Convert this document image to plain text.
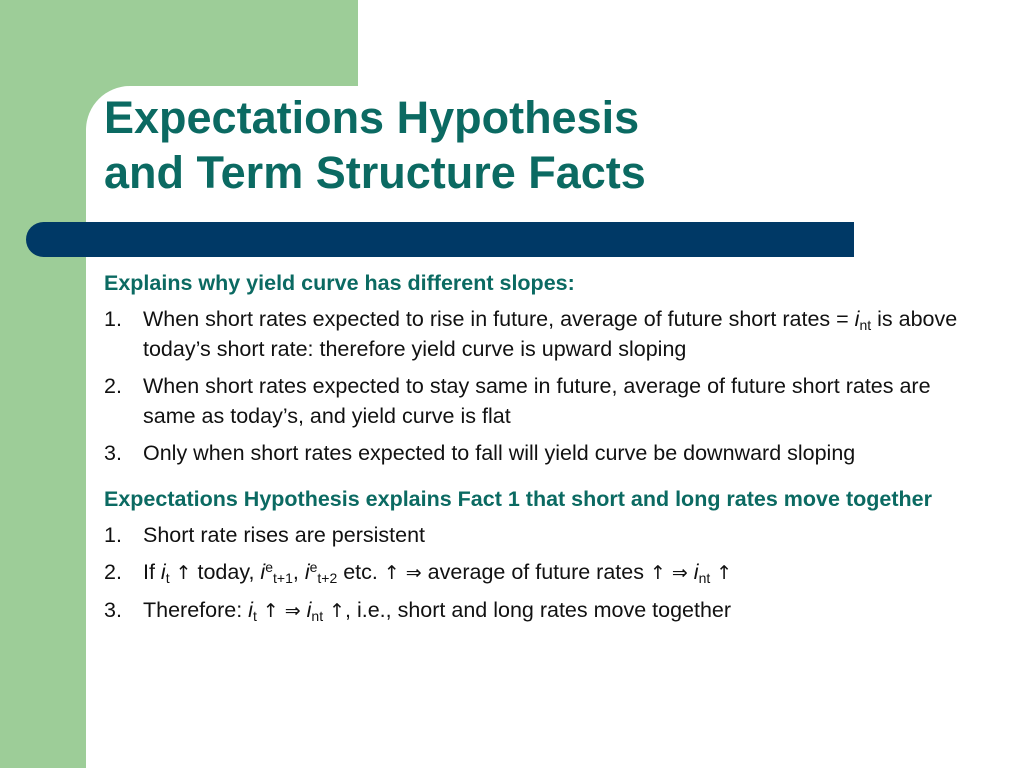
Expectations Hypothesis
and Term Structure Facts
Explains why yield curve has different slopes:
1. When short rates expected to rise in future, average of future short rates = $i_{nt}$ is above today’s short rate: therefore yield curve is upward sloping
2. When short rates expected to stay same in future, average of future short rates are same as today’s, and yield curve is flat
3. Only when short rates expected to fall will yield curve be downward sloping
Expectations Hypothesis explains Fact 1 that short and long rates move together
1. Short rate rises are persistent
2. If $i_t$ ↑ today, $i^e_{t+1}$, $i^e_{t+2}$ etc. ↑ ⇒ average of future rates ↑ ⇒ $i_{nt}$ ↑
3. Therefore: $i_t$ ↑ ⇒ $i_{nt}$ ↑, i.e., short and long rates move together
